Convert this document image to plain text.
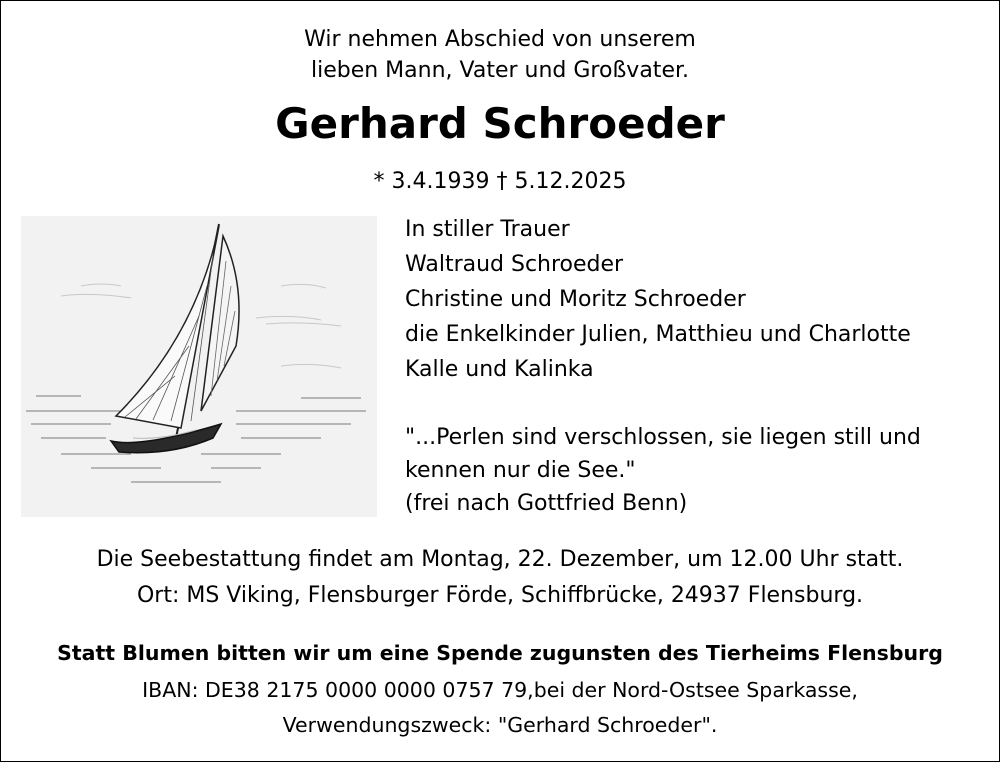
Wir nehmen Abschied von unserem
lieben Mann, Vater und Großvater.
Gerhard Schroeder
* 3.4.1939 † 5.12.2025
In stiller Trauer
Waltraud Schroeder
Christine und Moritz Schroeder
die Enkelkinder Julien, Matthieu und Charlotte
Kalle und Kalinka
"...Perlen sind verschlossen, sie liegen still und
kennen nur die See."
(frei nach Gottfried Benn)
Die Seebestattung findet am Montag, 22. Dezember, um 12.00 Uhr statt.
Ort: MS Viking, Flensburger Förde, Schiffbrücke, 24937 Flensburg.
Statt Blumen bitten wir um eine Spende zugunsten des Tierheims Flensburg
IBAN: DE38 2175 0000 0000 0757 79,bei der Nord-Ostsee Sparkasse,
Verwendungszweck: "Gerhard Schroeder".
